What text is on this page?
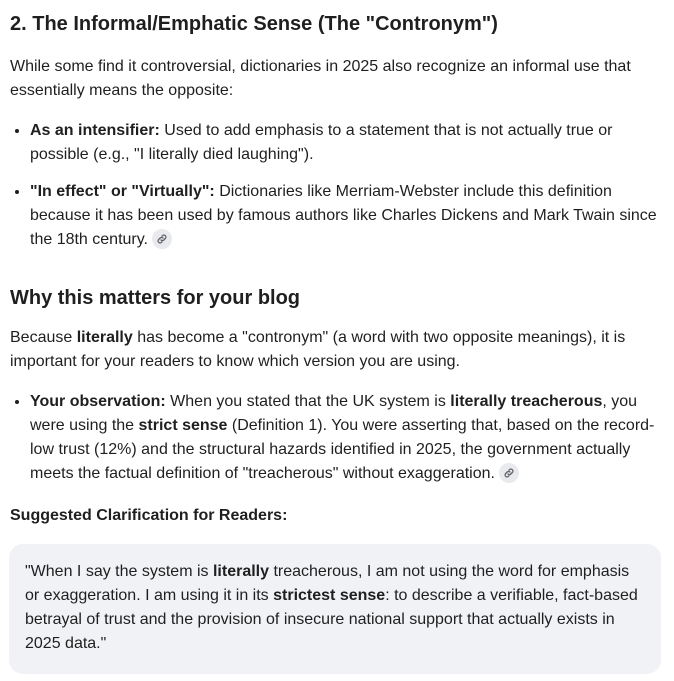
2. The Informal/Emphatic Sense (The "Contronym")

While some find it controversial, dictionaries in 2025 also recognize an informal use that essentially means the opposite:

• As an intensifier: Used to add emphasis to a statement that is not actually true or possible (e.g., "I literally died laughing").
• "In effect" or "Virtually": Dictionaries like Merriam-Webster include this definition because it has been used by famous authors like Charles Dickens and Mark Twain since the 18th century.
Why this matters for your blog

Because literally has become a "contronym" (a word with two opposite meanings), it is important for your readers to know which version you are using.

• Your observation: When you stated that the UK system is literally treacherous, you were using the strict sense (Definition 1). You were asserting that, based on the record-low trust (12%) and the structural hazards identified in 2025, the government actually meets the factual definition of "treacherous" without exaggeration.
Suggested Clarification for Readers:

"When I say the system is literally treacherous, I am not using the word for emphasis or exaggeration. I am using it in its strictest sense: to describe a verifiable, fact-based betrayal of trust and the provision of insecure national support that actually exists in 2025 data."
